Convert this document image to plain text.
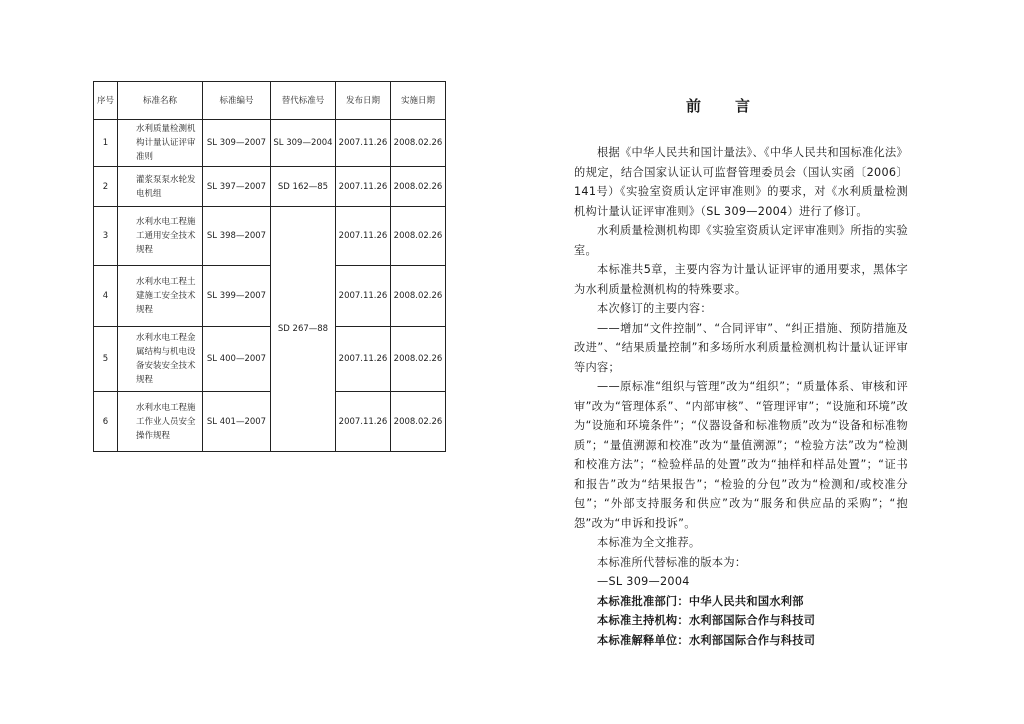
序号	标准名称	标准编号	替代标准号	发布日期	实施日期
1	水利质量检测机构计量认证评审准则	SL 309—2007	SL 309—2004	2007.11.26	2008.02.26
2	灌浆泵泵水轮发电机组	SL 397—2007	SD 162—85	2007.11.26	2008.02.26
3	水利水电工程施工通用安全技术规程	SL 398—2007	SD 267—88	2007.11.26	2008.02.26
4	水利水电工程土建施工安全技术规程	SL 399—2007		2007.11.26	2008.02.26
5	水利水电工程金属结构与机电设备安装安全技术规程	SL 400—2007		2007.11.26	2008.02.26
6	水利水电工程施工作业人员安全操作规程	SL 401—2007		2007.11.26	2008.02.26
前言

根据《中华人民共和国计量法》、《中华人民共和国标准化法》的规定，结合国家认证认可监督管理委员会（国认实函〔2006〕141号）《实验室资质认定评审准则》的要求，对《水利质量检测机构计量认证评审准则》（SL 309—2004）进行了修订。

水利质量检测机构即《实验室资质认定评审准则》所指的实验室。

本标准共5章，主要内容为计量认证评审的通用要求，黑体字为水利质量检测机构的特殊要求。

本次修订的主要内容：

——增加“文件控制”、“合同评审”、“纠正措施、预防措施及改进”、“结果质量控制”和多场所水利质量检测机构计量认证评审等内容；

——原标准“组织与管理”改为“组织”；“质量体系、审核和评审”改为“管理体系”、“内部审核”、“管理评审”；“设施和环境”改为“设施和环境条件”；“仪器设备和标准物质”改为“设备和标准物质”；“量值溯源和校准”改为“量值溯源”；“检验方法”改为“检测和校准方法”；“检验样品的处置”改为“抽样和样品处置”；“证书和报告”改为“结果报告”；“检验的分包”改为“检测和/或校准分包”；“外部支持服务和供应”改为“服务和供应品的采购”；“抱怨”改为“申诉和投诉”。

本标准为全文推荐。

本标准所代替标准的版本为：

—SL 309—2004

本标准批准部门：中华人民共和国水利部

本标准主持机构：水利部国际合作与科技司

本标准解释单位：水利部国际合作与科技司
